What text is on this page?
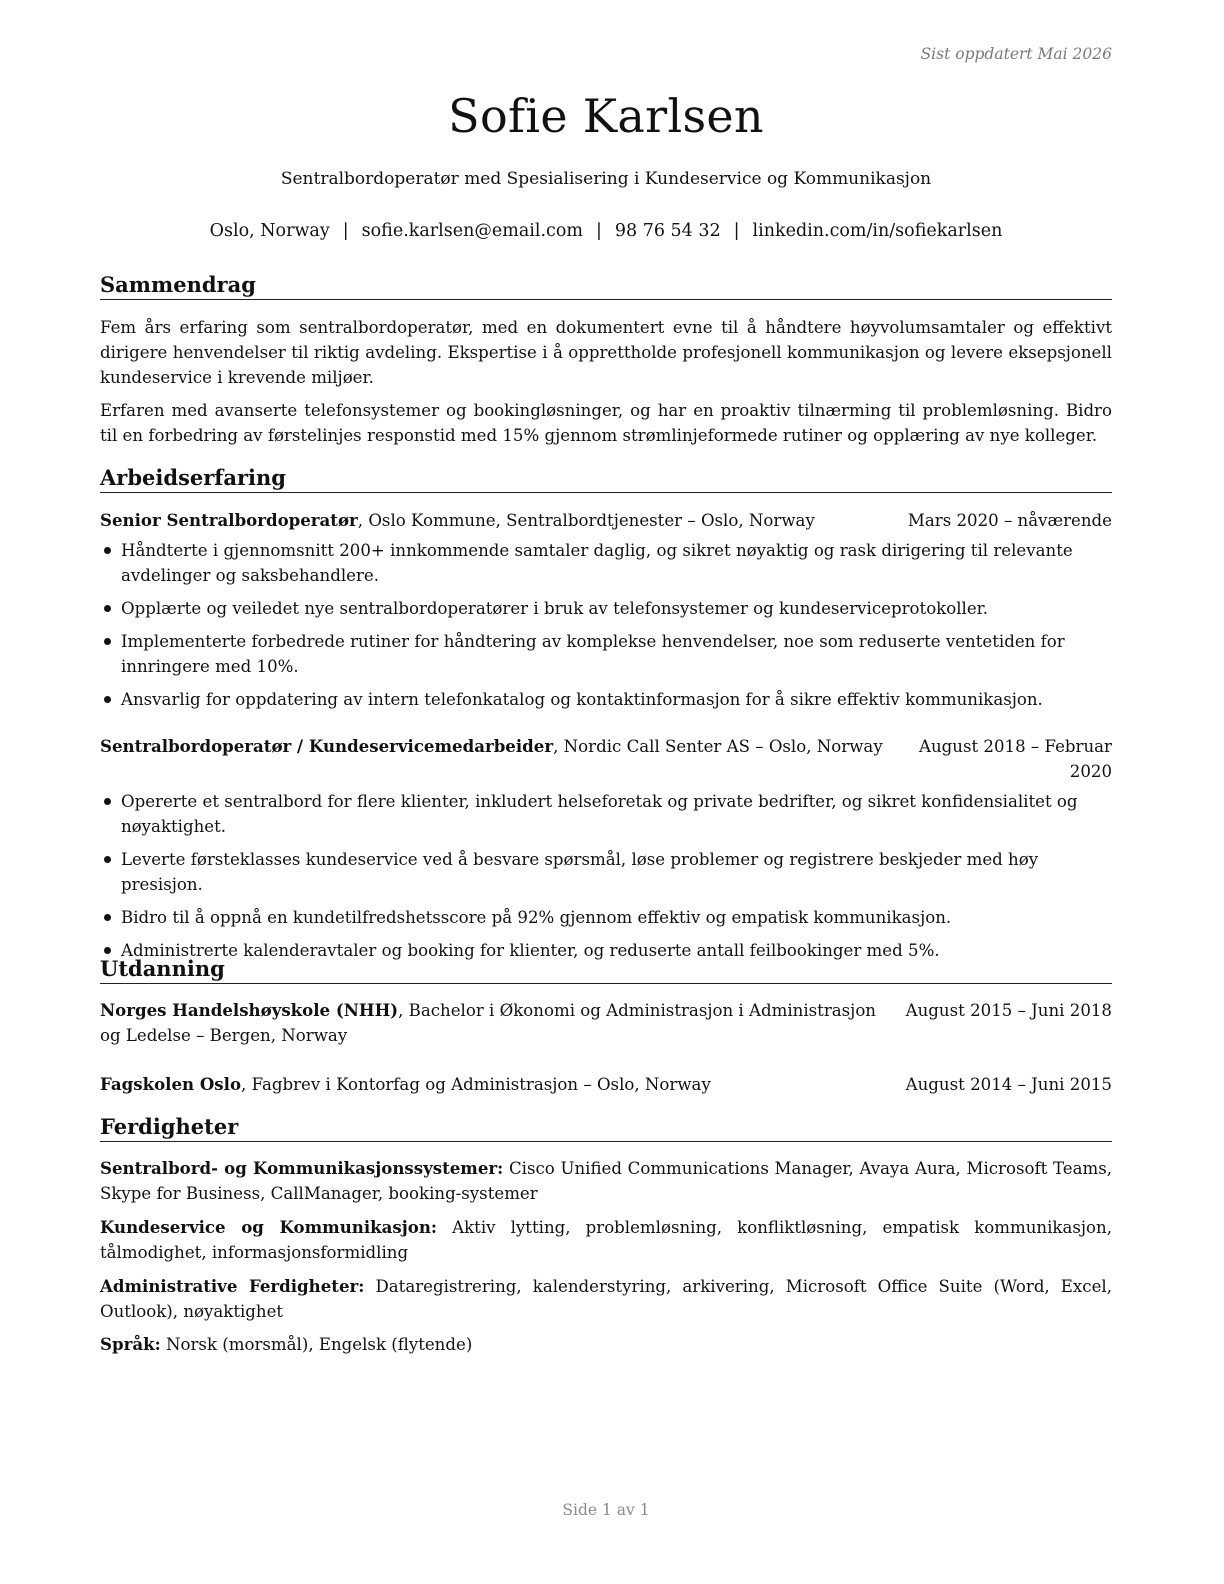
Sist oppdatert Mai 2026
Sofie Karlsen
Sentralbordoperatør med Spesialisering i Kundeservice og Kommunikasjon
Oslo, Norway | sofie.karlsen@email.com | 98 76 54 32 | linkedin.com/in/sofiekarlsen
Sammendrag
Fem års erfaring som sentralbordoperatør, med en dokumentert evne til å håndtere høyvolumsamtaler og effektivt dirigere henvendelser til riktig avdeling. Ekspertise i å opprettholde profesjonell kommunikasjon og levere eksepsjonell kundeservice i krevende miljøer.
Erfaren med avanserte telefonsystemer og bookingløsninger, og har en proaktiv tilnærming til problemløsning. Bidro til en forbedring av førstelinjes responstid med 15% gjennom strømlinjeformede rutiner og opplæring av nye kolleger.
Arbeidserfaring
Senior Sentralbordoperatør, Oslo Kommune, Sentralbordtjenester – Oslo, Norway	Mars 2020 – nåværende
Håndterte i gjennomsnitt 200+ innkommende samtaler daglig, og sikret nøyaktig og rask dirigering til relevante avdelinger og saksbehandlere.
Opplærte og veiledet nye sentralbordoperatører i bruk av telefonsystemer og kundeserviceprotokoller.
Implementerte forbedrede rutiner for håndtering av komplekse henvendelser, noe som reduserte ventetiden for innringere med 10%.
Ansvarlig for oppdatering av intern telefonkatalog og kontaktinformasjon for å sikre effektiv kommunikasjon.
Sentralbordoperatør / Kundeservicemedarbeider, Nordic Call Senter AS – Oslo, Norway August 2018 – Februar
2020
Opererte et sentralbord for flere klienter, inkludert helseforetak og private bedrifter, og sikret konfidensialitet og nøyaktighet.
Leverte førsteklasses kundeservice ved å besvare spørsmål, løse problemer og registrere beskjeder med høy presisjon.
Bidro til å oppnå en kundetilfredshetsscore på 92% gjennom effektiv og empatisk kommunikasjon.
Administrerte kalenderavtaler og booking for klienter, og reduserte antall feilbookinger med 5%.
Utdanning
Norges Handelshøyskole (NHH), Bachelor i Økonomi og Administrasjon i Administrasjon
og Ledelse – Bergen, Norway
August 2015 – Juni 2018
Fagskolen Oslo, Fagbrev i Kontorfag og Administrasjon – Oslo, Norway	August 2014 – Juni 2015
Ferdigheter
Sentralbord- og Kommunikasjonssystemer: Cisco Unified Communications Manager, Avaya Aura, Microsoft Teams, Skype for Business, CallManager, booking-systemer
Kundeservice og Kommunikasjon: Aktiv lytting, problemløsning, konfliktløsning, empatisk kommunikasjon, tålmodighet, informasjonsformidling
Administrative Ferdigheter: Dataregistrering, kalenderstyring, arkivering, Microsoft Office Suite (Word, Excel, Outlook), nøyaktighet
Språk: Norsk (morsmål), Engelsk (flytende)
Side 1 av 1
